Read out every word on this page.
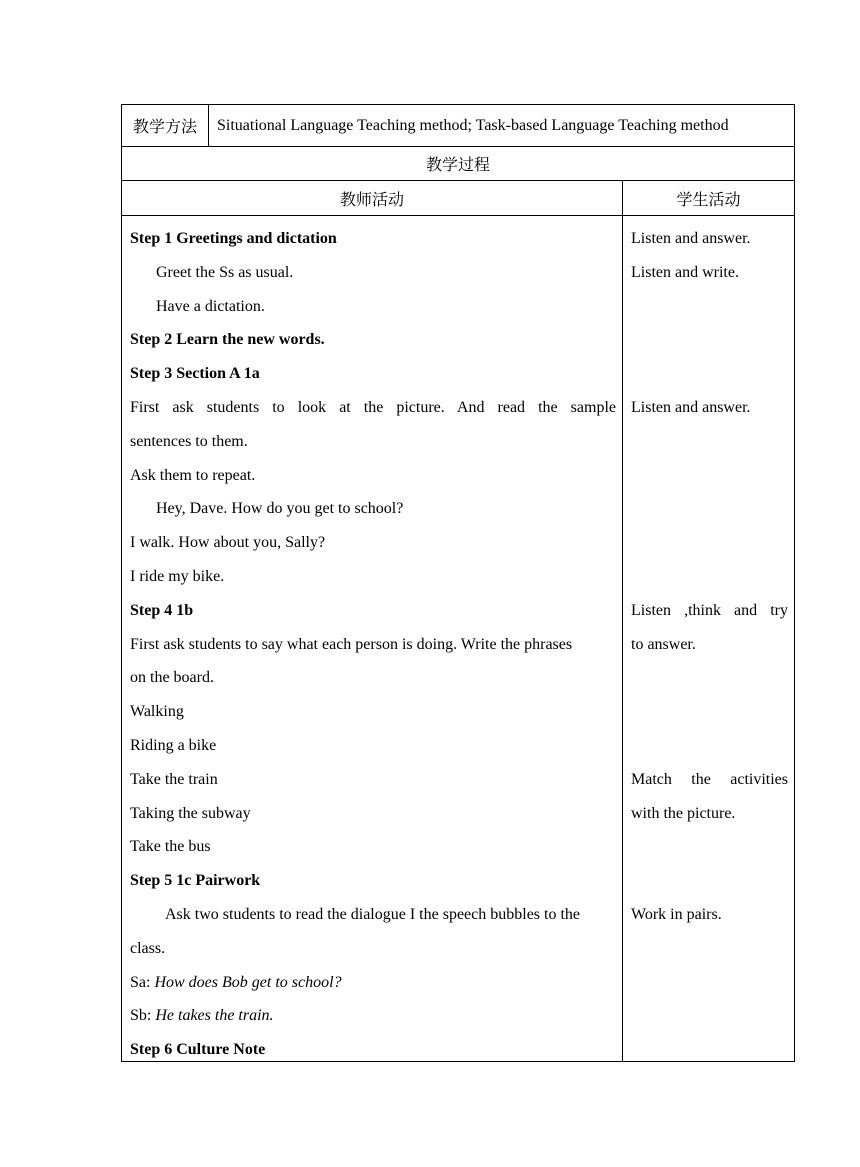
教学方法	Situational Language Teaching method; Task-based Language Teaching method
教学过程
教师活动	学生活动
Step 1 Greetings and dictation
Greet the Ss as usual.
Have a dictation.
Step 2 Learn the new words.
Step 3 Section A 1a
First ask students to look at the picture. And read the sample
sentences to them.
Ask them to repeat.
Hey, Dave. How do you get to school?
I walk. How about you, Sally?
I ride my bike.
Step 4 1b
First ask students to say what each person is doing. Write the phrases
on the board.
Walking
Riding a bike
Take the train
Taking the subway
Take the bus
Step 5 1c Pairwork
Ask two students to read the dialogue I the speech bubbles to the
class.
Sa: How does Bob get to school?
Sb: He takes the train.
Step 6 Culture Note
Listen and answer.
Listen and write.
Listen and answer.
Listen ,think and try
to answer.
Match the activities
with the picture.
Work in pairs.
